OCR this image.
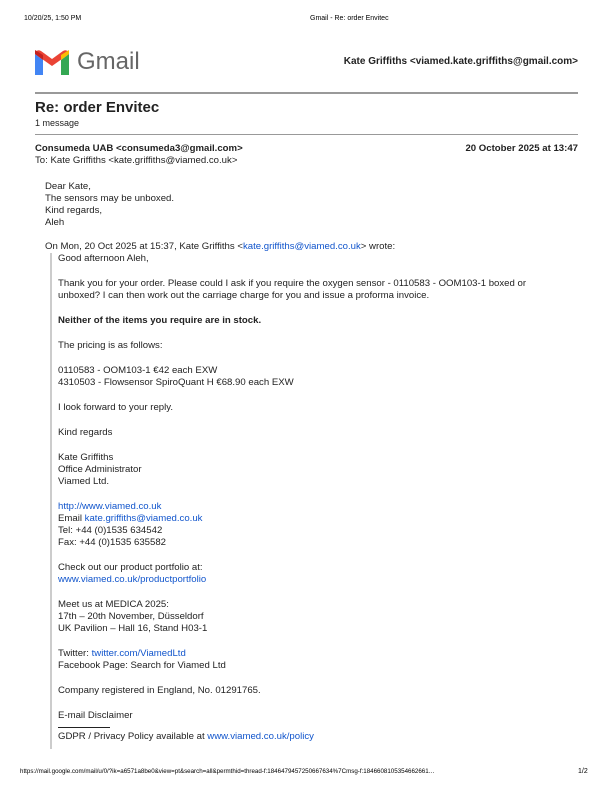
10/20/25, 1:50 PM	Gmail - Re: order Envitec
Gmail	Kate Griffiths <viamed.kate.griffiths@gmail.com>
Re: order Envitec
1 message
Consumeda UAB <consumeda3@gmail.com>	20 October 2025 at 13:47
To: Kate Griffiths <kate.griffiths@viamed.co.uk>
Dear Kate,
The sensors may be unboxed.
Kind regards,
Aleh
On Mon, 20 Oct 2025 at 15:37, Kate Griffiths <kate.griffiths@viamed.co.uk> wrote:

Good afternoon Aleh,

Thank you for your order. Please could I ask if you require the oxygen sensor - 0110583 - OOM103-1 boxed or unboxed? I can then work out the carriage charge for you and issue a proforma invoice.

Neither of the items you require are in stock.

The pricing is as follows:

0110583 - OOM103-1 €42 each EXW
4310503 - Flowsensor SpiroQuant H €68.90 each EXW

I look forward to your reply.

Kind regards

Kate Griffiths
Office Administrator
Viamed Ltd.

http://www.viamed.co.uk
Email kate.griffiths@viamed.co.uk
Tel: +44 (0)1535 634542
Fax: +44 (0)1535 635582

Check out our product portfolio at:
www.viamed.co.uk/productportfolio

Meet us at MEDICA 2025:
17th – 20th November, Düsseldorf
UK Pavilion – Hall 16, Stand H03-1

Twitter: twitter.com/ViamedLtd
Facebook Page: Search for Viamed Ltd

Company registered in England, No. 01291765.

E-mail Disclaimer
GDPR / Privacy Policy available at www.viamed.co.uk/policy
https://mail.google.com/mail/u/0/?ik=a6571a8be0&view=pt&search=all&permthid=thread-f:1846479457250667634%7Cmsg-f:1846608105354662661…	1/2
